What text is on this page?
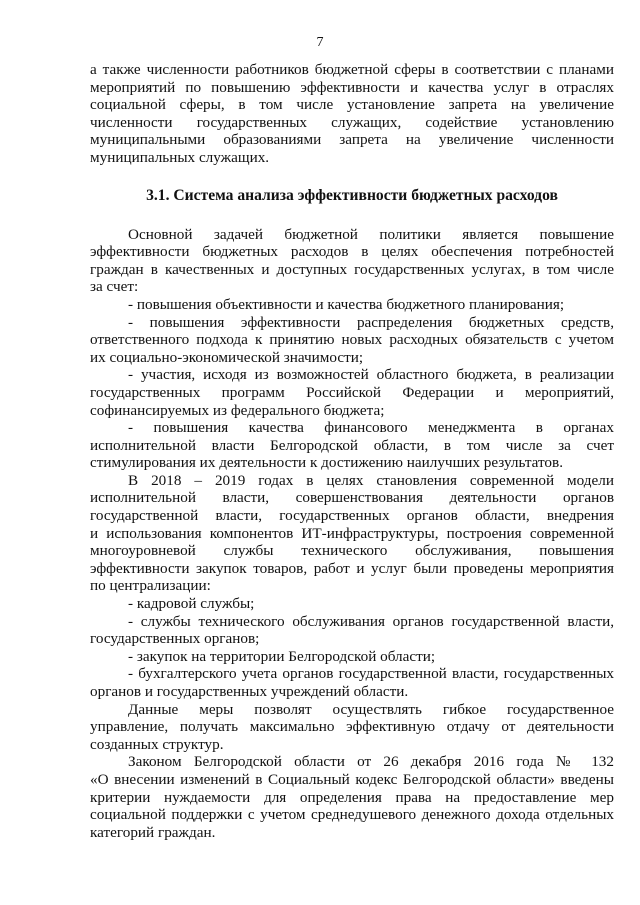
7
а также численности работников бюджетной сферы в соответствии с планами
мероприятий по повышению эффективности и качества услуг в отраслях
социальной сферы, в том числе установление запрета на увеличение
численности государственных служащих, содействие установлению
муниципальными образованиями запрета на увеличение численности
муниципальных служащих.
3.1. Система анализа эффективности бюджетных расходов
Основной задачей бюджетной политики является повышение
эффективности бюджетных расходов в целях обеспечения потребностей
граждан в качественных и доступных государственных услугах, в том числе
за счет:
- повышения объективности и качества бюджетного планирования;
- повышения эффективности распределения бюджетных средств,
ответственного подхода к принятию новых расходных обязательств с учетом
их социально-экономической значимости;
- участия, исходя из возможностей областного бюджета, в реализации
государственных программ Российской Федерации и мероприятий,
софинансируемых из федерального бюджета;
- повышения качества финансового менеджмента в органах
исполнительной власти Белгородской области, в том числе за счет
стимулирования их деятельности к достижению наилучших результатов.
В 2018 – 2019 годах в целях становления современной модели
исполнительной власти, совершенствования деятельности органов
государственной власти, государственных органов области, внедрения
и использования компонентов ИТ-инфраструктуры, построения современной
многоуровневой службы технического обслуживания, повышения
эффективности закупок товаров, работ и услуг были проведены мероприятия
по централизации:
- кадровой службы;
- службы технического обслуживания органов государственной власти,
государственных органов;
- закупок на территории Белгородской области;
- бухгалтерского учета органов государственной власти, государственных
органов и государственных учреждений области.
Данные меры позволят осуществлять гибкое государственное
управление, получать максимально эффективную отдачу от деятельности
созданных структур.
Законом Белгородской области от 26 декабря 2016 года № 132
«О внесении изменений в Социальный кодекс Белгородской области» введены
критерии нуждаемости для определения права на предоставление мер
социальной поддержки с учетом среднедушевого денежного дохода отдельных
категорий граждан.
